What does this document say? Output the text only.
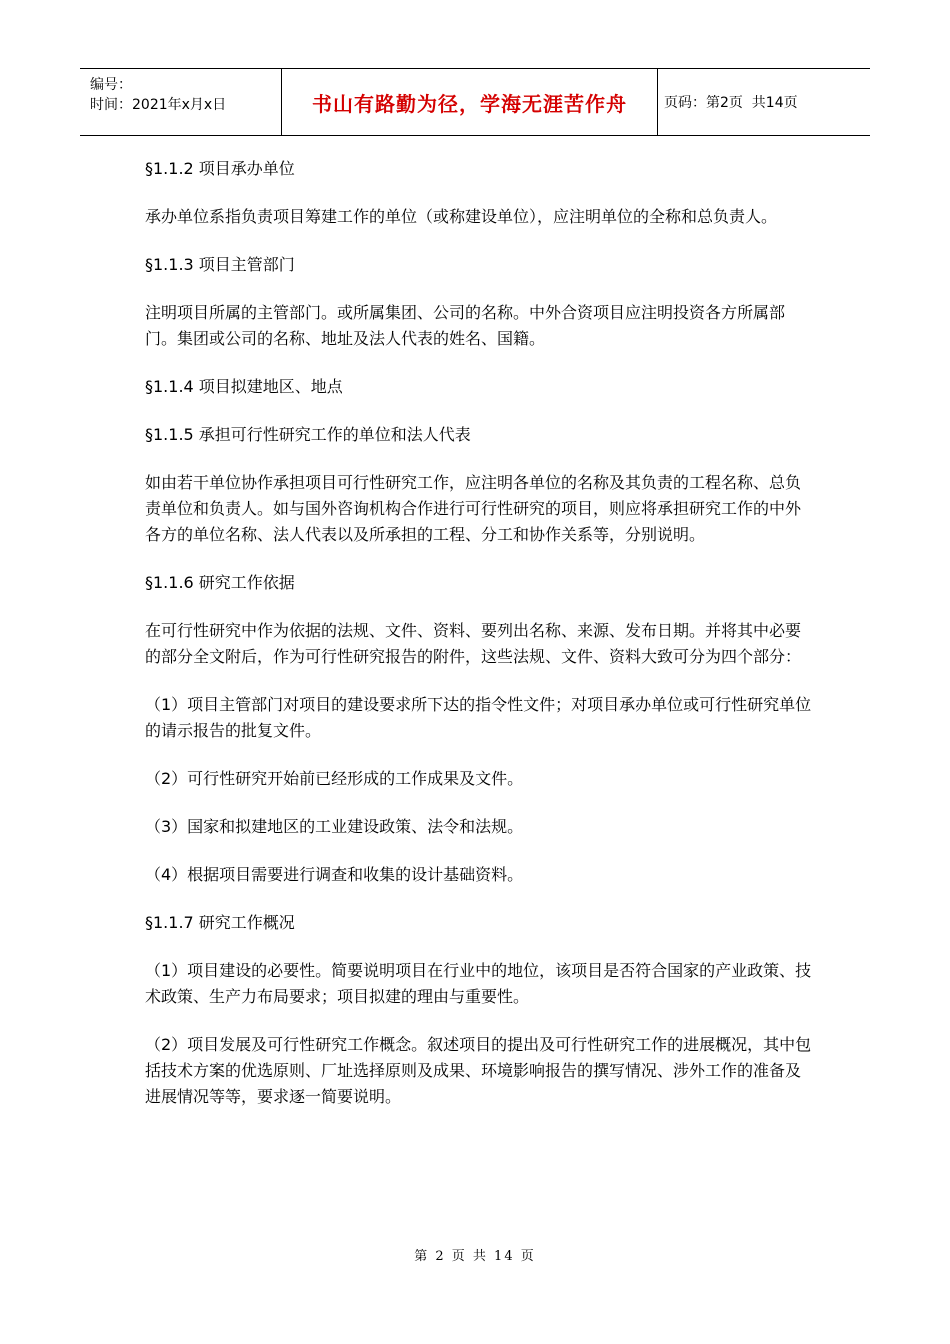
编号：
时间：2021年x月x日	书山有路勤为径，学海无涯苦作舟	页码：第2页  共14页

§1.1.2 项目承办单位

承办单位系指负责项目筹建工作的单位（或称建设单位），应注明单位的全称和总负责人。

§1.1.3 项目主管部门

注明项目所属的主管部门。或所属集团、公司的名称。中外合资项目应注明投资各方所属部门。集团或公司的名称、地址及法人代表的姓名、国籍。

§1.1.4 项目拟建地区、地点

§1.1.5 承担可行性研究工作的单位和法人代表

如由若干单位协作承担项目可行性研究工作，应注明各单位的名称及其负责的工程名称、总负责单位和负责人。如与国外咨询机构合作进行可行性研究的项目，则应将承担研究工作的中外各方的单位名称、法人代表以及所承担的工程、分工和协作关系等，分别说明。

§1.1.6 研究工作依据

在可行性研究中作为依据的法规、文件、资料、要列出名称、来源、发布日期。并将其中必要的部分全文附后，作为可行性研究报告的附件，这些法规、文件、资料大致可分为四个部分：

（1）项目主管部门对项目的建设要求所下达的指令性文件；对项目承办单位或可行性研究单位的请示报告的批复文件。

（2）可行性研究开始前已经形成的工作成果及文件。

（3）国家和拟建地区的工业建设政策、法令和法规。

（4）根据项目需要进行调查和收集的设计基础资料。

§1.1.7 研究工作概况

（1）项目建设的必要性。简要说明项目在行业中的地位，该项目是否符合国家的产业政策、技术政策、生产力布局要求；项目拟建的理由与重要性。

（2）项目发展及可行性研究工作概念。叙述项目的提出及可行性研究工作的进展概况，其中包括技术方案的优选原则、厂址选择原则及成果、环境影响报告的撰写情况、涉外工作的准备及进展情况等等，要求逐一简要说明。

第 2 页 共 14 页
